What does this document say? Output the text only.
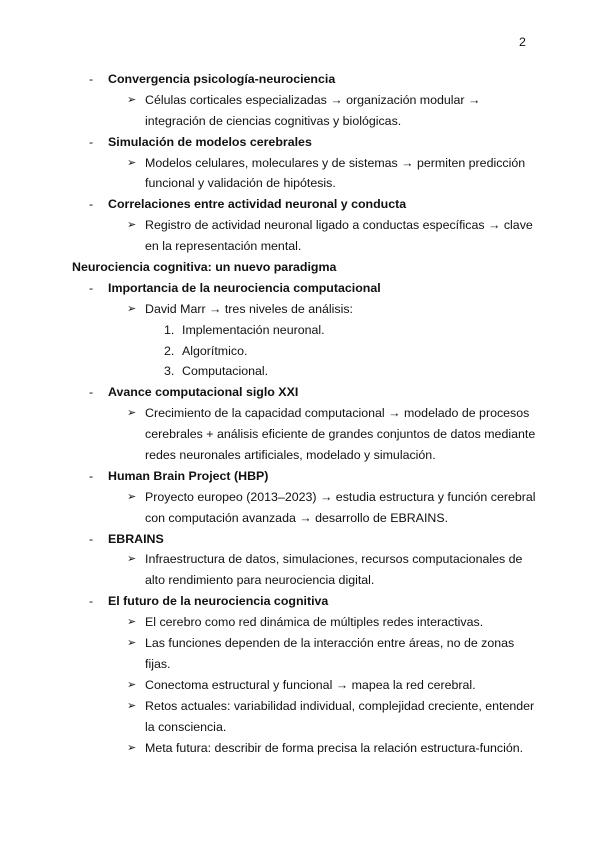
2
- Convergencia psicología-neurociencia
➢ Células corticales especializadas → organización modular →
integración de ciencias cognitivas y biológicas.
- Simulación de modelos cerebrales
➢ Modelos celulares, moleculares y de sistemas → permiten predicción
funcional y validación de hipótesis.
- Correlaciones entre actividad neuronal y conducta
➢ Registro de actividad neuronal ligado a conductas específicas → clave
en la representación mental.
Neurociencia cognitiva: un nuevo paradigma
- Importancia de la neurociencia computacional
➢ David Marr → tres niveles de análisis:
1. Implementación neuronal.
2. Algorítmico.
3. Computacional.
- Avance computacional siglo XXI
➢ Crecimiento de la capacidad computacional → modelado de procesos
cerebrales + análisis eficiente de grandes conjuntos de datos mediante
redes neuronales artificiales, modelado y simulación.
- Human Brain Project (HBP)
➢ Proyecto europeo (2013–2023) → estudia estructura y función cerebral
con computación avanzada → desarrollo de EBRAINS.
- EBRAINS
➢ Infraestructura de datos, simulaciones, recursos computacionales de
alto rendimiento para neurociencia digital.
- El futuro de la neurociencia cognitiva
➢ El cerebro como red dinámica de múltiples redes interactivas.
➢ Las funciones dependen de la interacción entre áreas, no de zonas
fijas.
➢ Conectoma estructural y funcional → mapea la red cerebral.
➢ Retos actuales: variabilidad individual, complejidad creciente, entender
la consciencia.
➢ Meta futura: describir de forma precisa la relación estructura-función.
